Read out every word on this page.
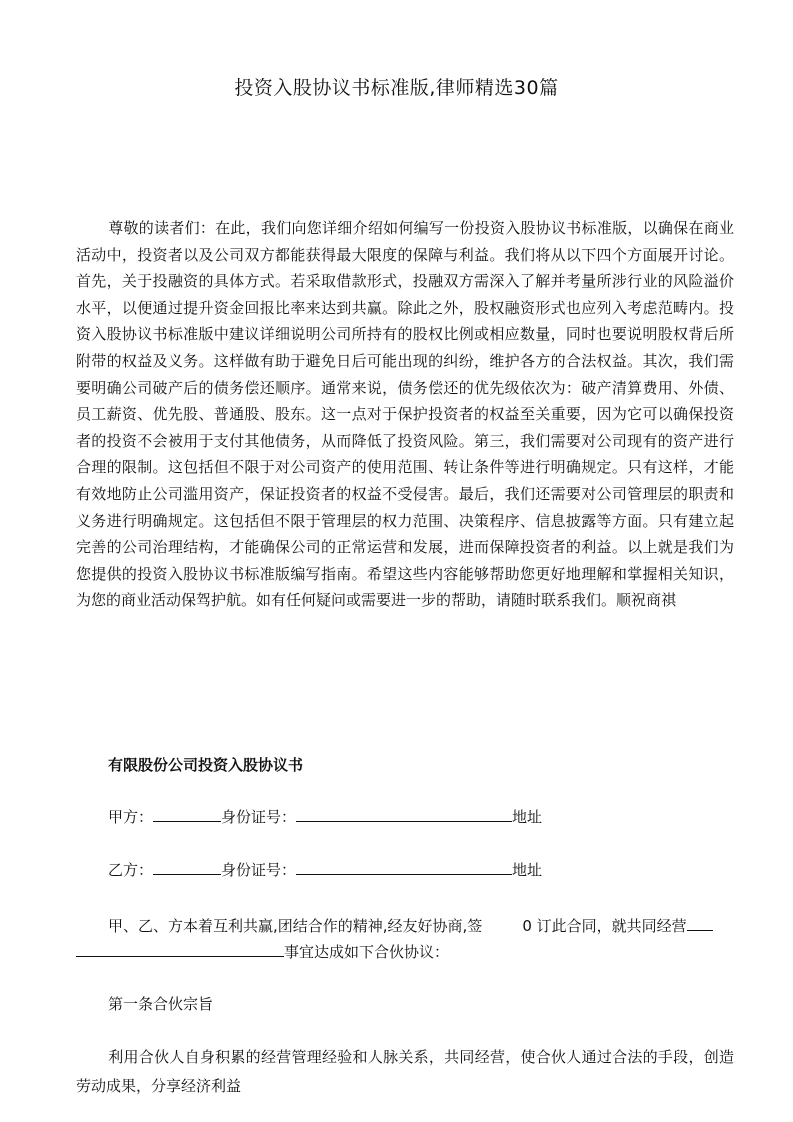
投资入股协议书标准版,律师精选30篇
尊敬的读者们：在此，我们向您详细介绍如何编写一份投资入股协议书标准版，以确保在商业活动中，投资者以及公司双方都能获得最大限度的保障与利益。我们将从以下四个方面展开讨论。首先，关于投融资的具体方式。若采取借款形式，投融双方需深入了解并考量所涉行业的风险溢价水平，以便通过提升资金回报比率来达到共赢。除此之外，股权融资形式也应列入考虑范畴内。投资入股协议书标准版中建议详细说明公司所持有的股权比例或相应数量，同时也要说明股权背后所附带的权益及义务。这样做有助于避免日后可能出现的纠纷，维护各方的合法权益。其次，我们需要明确公司破产后的债务偿还顺序。通常来说，债务偿还的优先级依次为：破产清算费用、外债、员工薪资、优先股、普通股、股东。这一点对于保护投资者的权益至关重要，因为它可以确保投资者的投资不会被用于支付其他债务，从而降低了投资风险。第三，我们需要对公司现有的资产进行合理的限制。这包括但不限于对公司资产的使用范围、转让条件等进行明确规定。只有这样，才能有效地防止公司滥用资产，保证投资者的权益不受侵害。最后，我们还需要对公司管理层的职责和义务进行明确规定。这包括但不限于管理层的权力范围、决策程序、信息披露等方面。只有建立起完善的公司治理结构，才能确保公司的正常运营和发展，进而保障投资者的利益。以上就是我们为您提供的投资入股协议书标准版编写指南。希望这些内容能够帮助您更好地理解和掌握相关知识，为您的商业活动保驾护航。如有任何疑问或需要进一步的帮助，请随时联系我们。顺祝商祺
有限股份公司投资入股协议书
甲方：	身份证号：	地址
乙方：	身份证号：	地址
甲、乙、方本着互利共赢,团结合作的精神,经友好协商,签	0 订此合同，就共同经营
事宜达成如下合伙协议：
第一条合伙宗旨
利用合伙人自身积累的经营管理经验和人脉关系，共同经营，使合伙人通过合法的手段，创造劳动成果，分享经济利益
